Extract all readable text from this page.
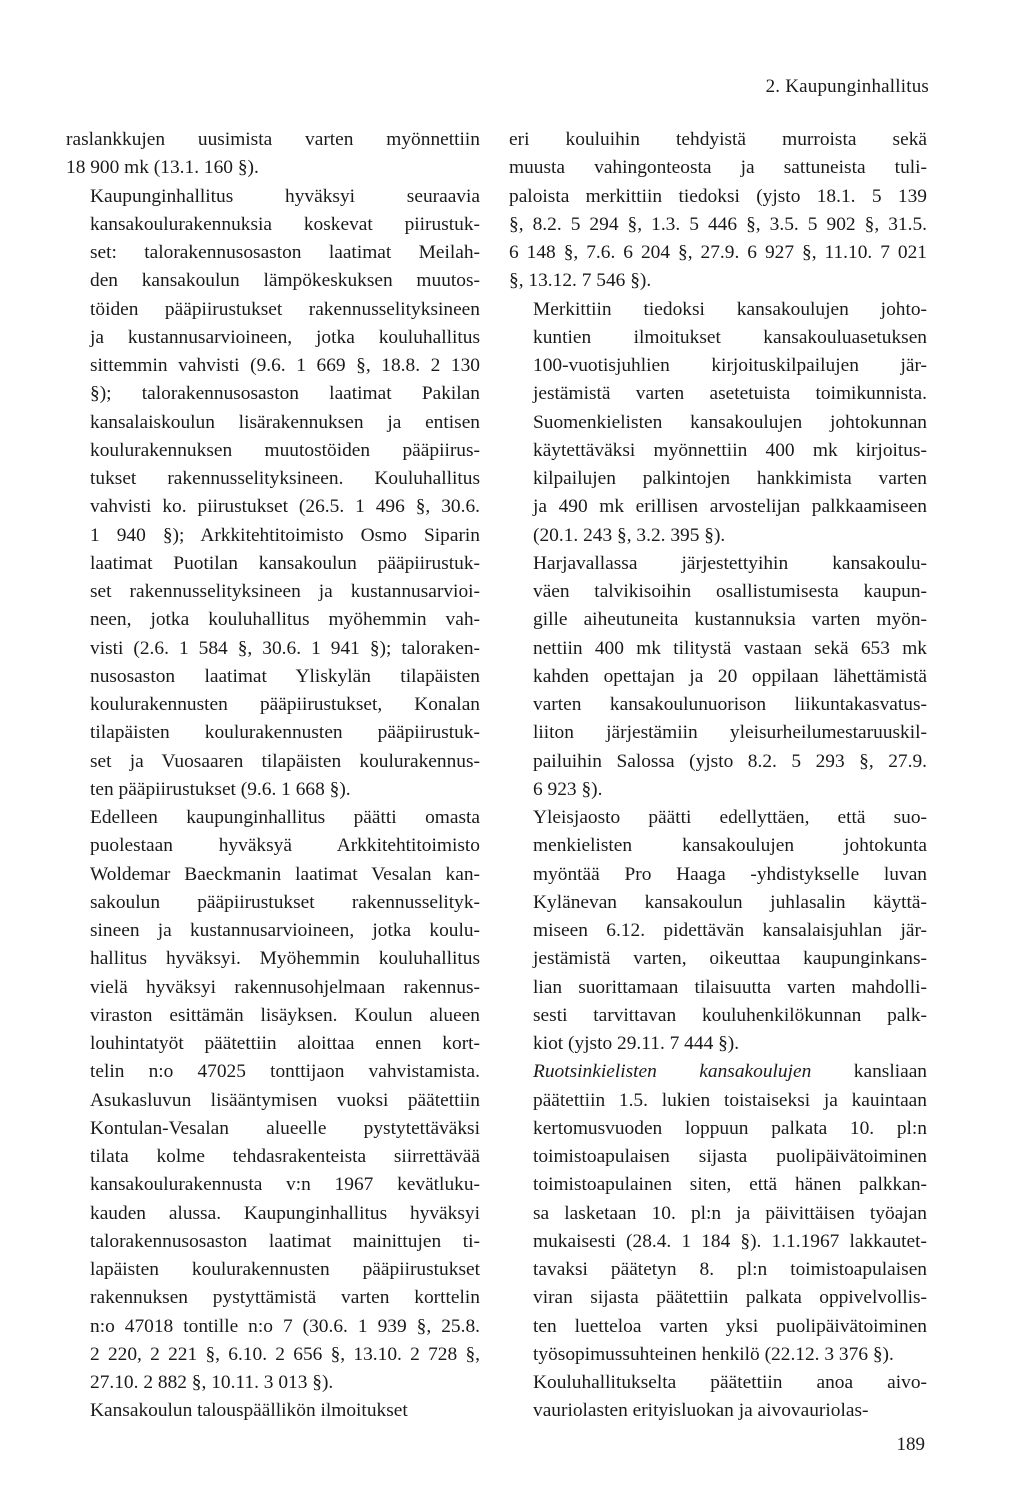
2. Kaupunginhallitus

raslankkujen uusimista varten myönnettiin
18 900 mk (13.1. 160 §).

Kaupunginhallitus hyväksyi seuraavia
kansakoulurakennuksia koskevat piirustuk-
set: talorakennusosaston laatimat Meilah-
den kansakoulun lämpökeskuksen muutos-
töiden pääpiirustukset rakennusselityksineen
ja kustannusarvioineen, jotka kouluhallitus
sittemmin vahvisti (9.6. 1 669 §, 18.8. 2 130
§); talorakennusosaston laatimat Pakilan
kansalaiskoulun lisärakennuksen ja entisen
koulurakennuksen muutostöiden pääpiirus-
tukset rakennusselityksineen. Kouluhallitus
vahvisti ko. piirustukset (26.5. 1 496 §, 30.6.
1 940 §); Arkkitehtitoimisto Osmo Siparin
laatimat Puotilan kansakoulun pääpiirustuk-
set rakennusselityksineen ja kustannusarvioi-
neen, jotka kouluhallitus myöhemmin vah-
visti (2.6. 1 584 §, 30.6. 1 941 §); taloraken-
nusosaston laatimat Yliskylän tilapäisten
koulurakennusten pääpiirustukset, Konalan
tilapäisten koulurakennusten pääpiirustuk-
set ja Vuosaaren tilapäisten koulurakennus-
ten pääpiirustukset (9.6. 1 668 §).

Edelleen kaupunginhallitus päätti omasta
puolestaan hyväksyä Arkkitehtitoimisto
Woldemar Baeckmanin laatimat Vesalan kan-
sakoulun pääpiirustukset rakennusselityk-
sineen ja kustannusarvioineen, jotka koulu-
hallitus hyväksyi. Myöhemmin kouluhallitus
vielä hyväksyi rakennusohjelmaan rakennus-
viraston esittämän lisäyksen. Koulun alueen
louhintatyöt päätettiin aloittaa ennen kort-
telin n:o 47025 tonttijaon vahvistamista.
Asukasluvun lisääntymisen vuoksi päätettiin
Kontulan-Vesalan alueelle pystytettäväksi
tilata kolme tehdasrakenteista siirrettävää
kansakoulurakennusta v:n 1967 kevätluku-
kauden alussa. Kaupunginhallitus hyväksyi
talorakennusosaston laatimat mainittujen ti-
lapäisten koulurakennusten pääpiirustukset
rakennuksen pystyttämistä varten korttelin
n:o 47018 tontille n:o 7 (30.6. 1 939 §, 25.8.
2 220, 2 221 §, 6.10. 2 656 §, 13.10. 2 728 §,
27.10. 2 882 §, 10.11. 3 013 §).

Kansakoulun talouspäällikön ilmoitukset

eri kouluihin tehdyistä murroista sekä
muusta vahingonteosta ja sattuneista tuli-
paloista merkittiin tiedoksi (yjsto 18.1. 5 139
§, 8.2. 5 294 §, 1.3. 5 446 §, 3.5. 5 902 §, 31.5.
6 148 §, 7.6. 6 204 §, 27.9. 6 927 §, 11.10. 7 021
§, 13.12. 7 546 §).

Merkittiin tiedoksi kansakoulujen johto-
kuntien ilmoitukset kansakouluasetuksen
100-vuotisjuhlien kirjoituskilpailujen jär-
jestämistä varten asetetuista toimikunnista.
Suomenkielisten kansakoulujen johtokunnan
käytettäväksi myönnettiin 400 mk kirjoitus-
kilpailujen palkintojen hankkimista varten
ja 490 mk erillisen arvostelijan palkkaamiseen
(20.1. 243 §, 3.2. 395 §).

Harjavallassa järjestettyihin kansakoulu-
väen talvikisoihin osallistumisesta kaupun-
gille aiheutuneita kustannuksia varten myön-
nettiin 400 mk tilitystä vastaan sekä 653 mk
kahden opettajan ja 20 oppilaan lähettämistä
varten kansakoulunuorison liikuntakasvatus-
liiton järjestämiin yleisurheilumestaruuskil-
pailuihin Salossa (yjsto 8.2. 5 293 §, 27.9.
6 923 §).

Yleisjaosto päätti edellyttäen, että suo-
menkielisten kansakoulujen johtokunta
myöntää Pro Haaga -yhdistykselle luvan
Kylänevan kansakoulun juhlasalin käyttä-
miseen 6.12. pidettävän kansalaisjuhlan jär-
jestämistä varten, oikeuttaa kaupunginkans-
lian suorittamaan tilaisuutta varten mahdolli-
sesti tarvittavan kouluhenkilökunnan palk-
kiot (yjsto 29.11. 7 444 §).

Ruotsinkielisten kansakoulujen kansliaan
päätettiin 1.5. lukien toistaiseksi ja kauintaan
kertomusvuoden loppuun palkata 10. pl:n
toimistoapulaisen sijasta puolipäivätoiminen
toimistoapulainen siten, että hänen palkkan-
sa lasketaan 10. pl:n ja päivittäisen työajan
mukaisesti (28.4. 1 184 §). 1.1.1967 lakkautet-
tavaksi päätetyn 8. pl:n toimistoapulaisen
viran sijasta päätettiin palkata oppivelvollis-
ten luetteloa varten yksi puolipäivätoiminen
työsopimussuhteinen henkilö (22.12. 3 376 §).

Kouluhallitukselta päätettiin anoa aivo-
vauriolasten erityisluokan ja aivovauriolas-

189
